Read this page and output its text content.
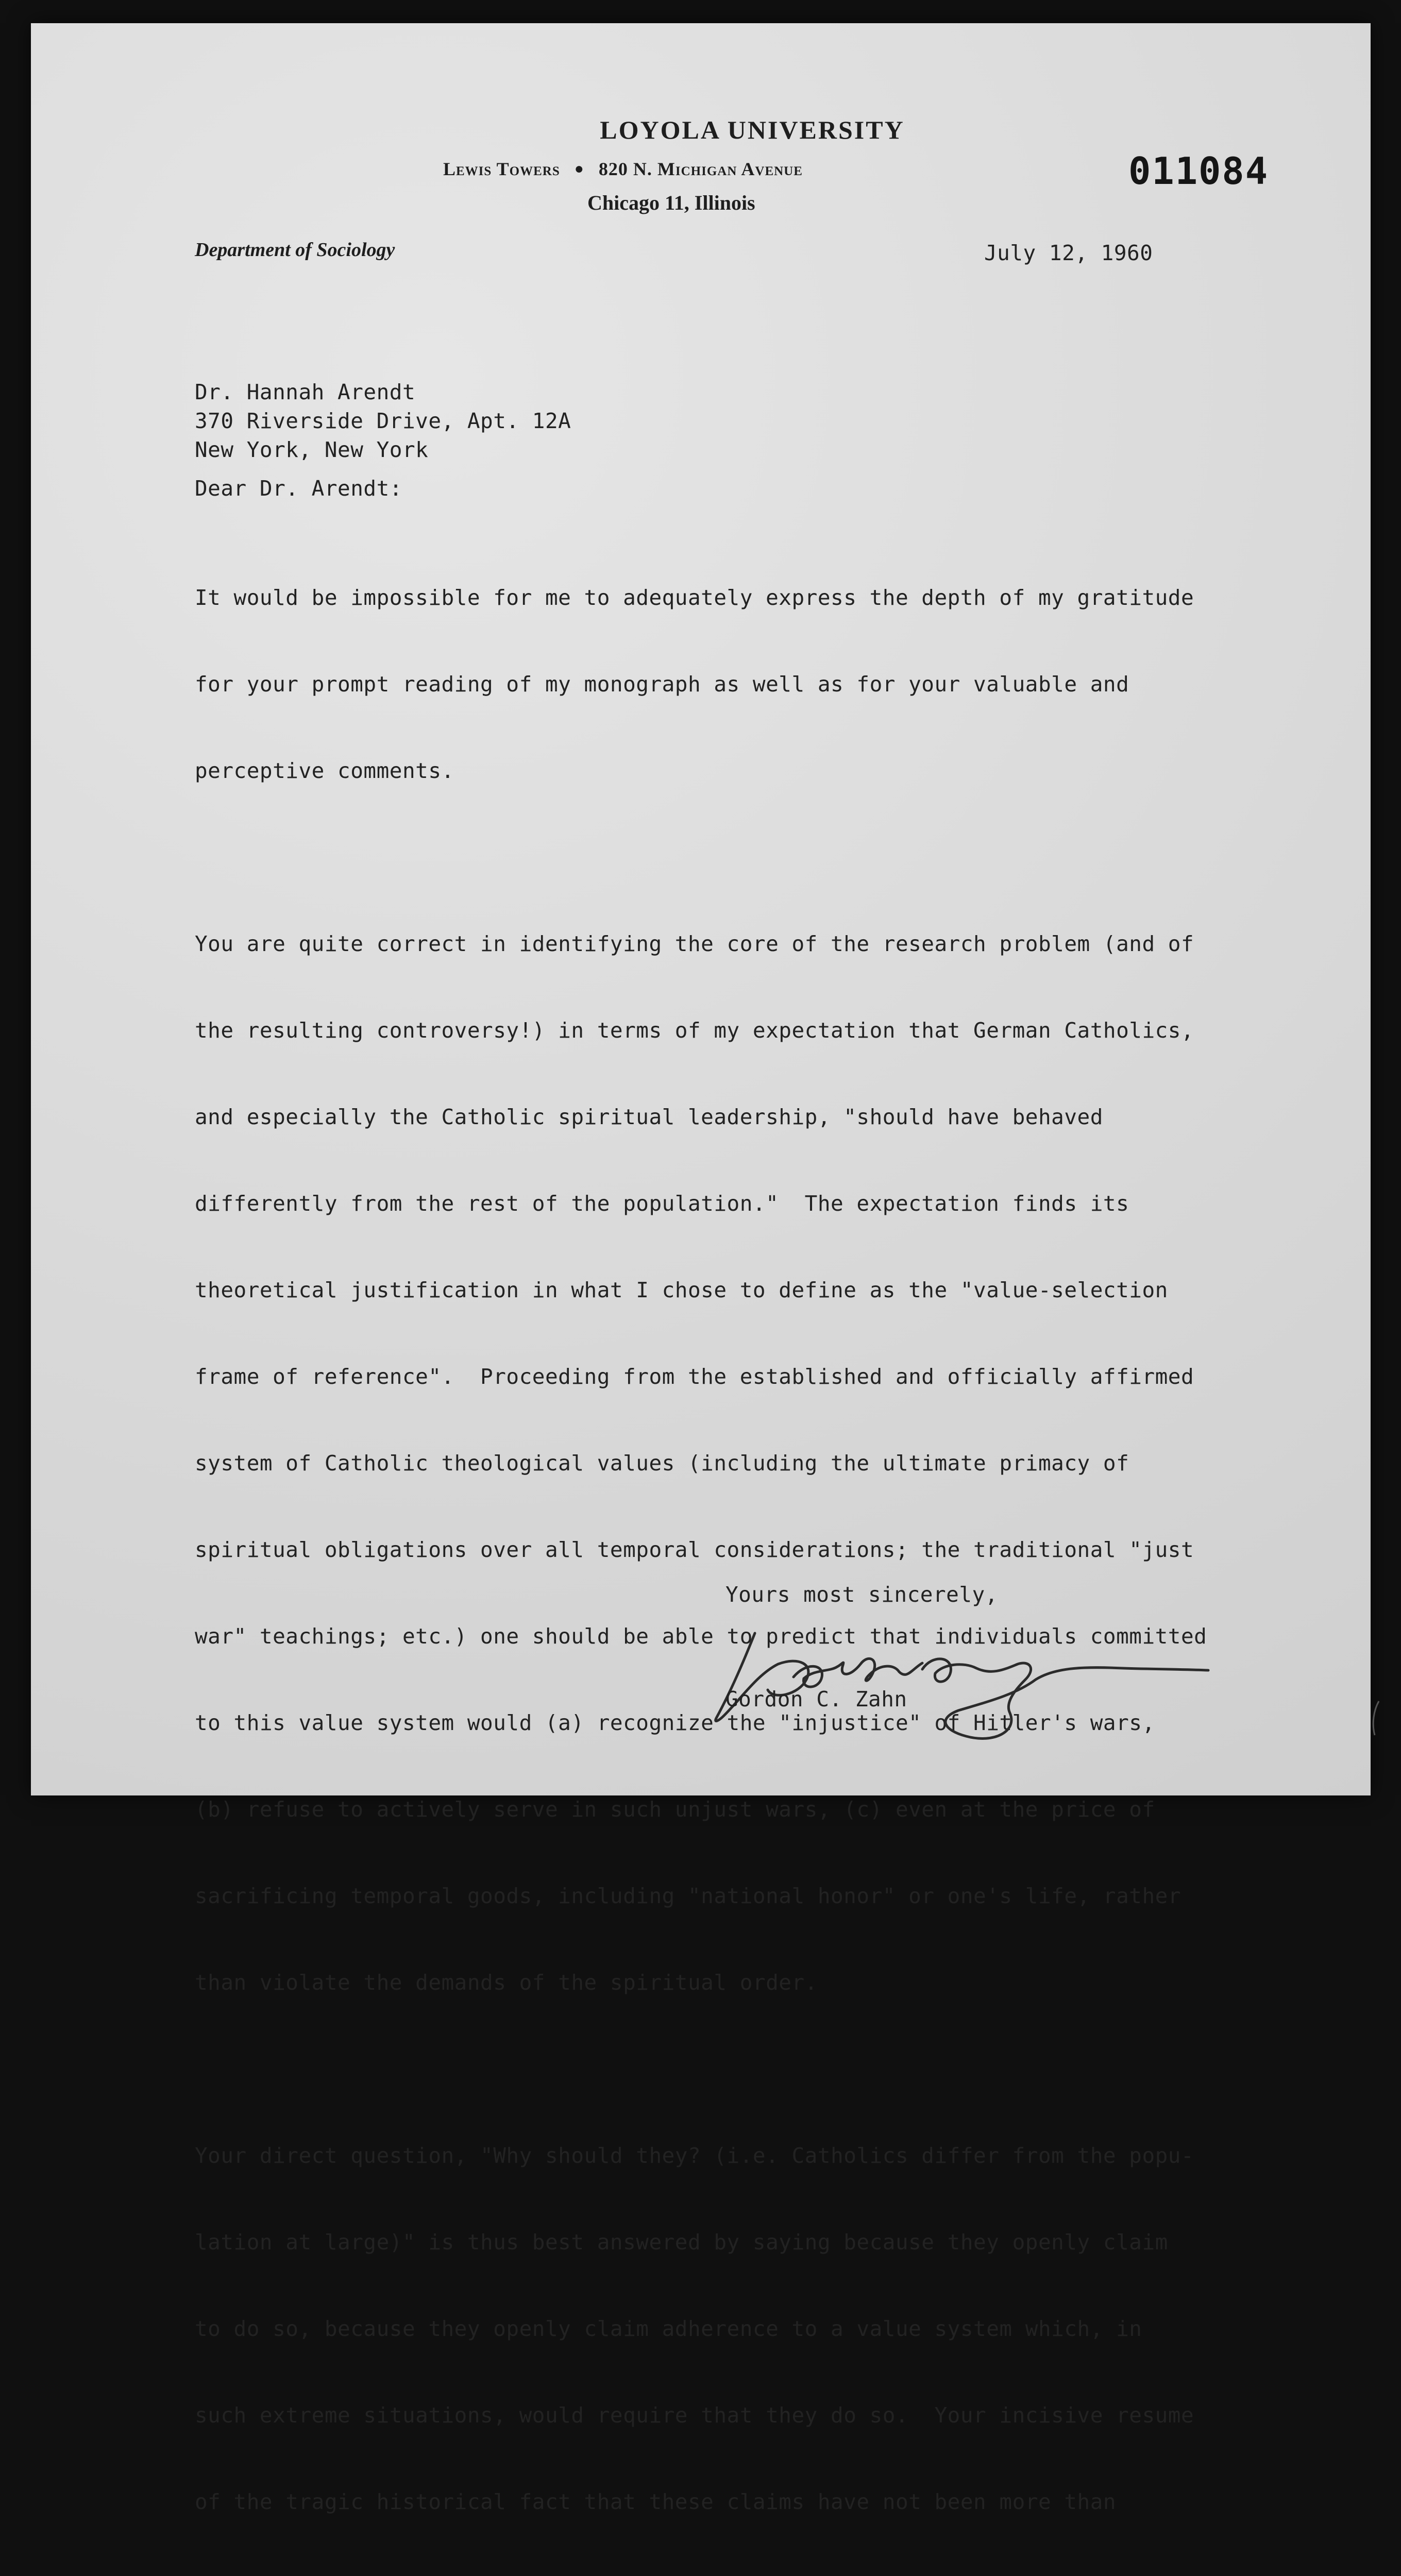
LOYOLA UNIVERSITY
Lewis Towers ● 820 N. Michigan Avenue
Chicago 11, Illinois
011084
Department of Sociology	July 12, 1960
Dr. Hannah Arendt
370 Riverside Drive, Apt. 12A
New York, New York
Dear Dr. Arendt:

It would be impossible for me to adequately express the depth of my gratitude

for your prompt reading of my monograph as well as for your valuable and

perceptive comments.

You are quite correct in identifying the core of the research problem (and of

the resulting controversy!) in terms of my expectation that German Catholics,

and especially the Catholic spiritual leadership, "should have behaved

differently from the rest of the population."  The expectation finds its

theoretical justification in what I chose to define as the "value-selection

frame of reference".  Proceeding from the established and officially affirmed

system of Catholic theological values (including the ultimate primacy of

spiritual obligations over all temporal considerations; the traditional "just

war" teachings; etc.) one should be able to predict that individuals committed

to this value system would (a) recognize the "injustice" of Hitler's wars,

(b) refuse to actively serve in such unjust wars, (c) even at the price of

sacrificing temporal goods, including "national honor" or one's life, rather

than violate the demands of the spiritual order.

Your direct question, "Why should they? (i.e. Catholics differ from the popu-

lation at large)" is thus best answered by saying because they openly claim

to do so, because they openly claim adherence to a value system which, in

such extreme situations, would require that they do so.  Your incisive resume

of the tragic historical fact that these claims have not been more than

Yours most sincerely,
Gordon C. Zahn
